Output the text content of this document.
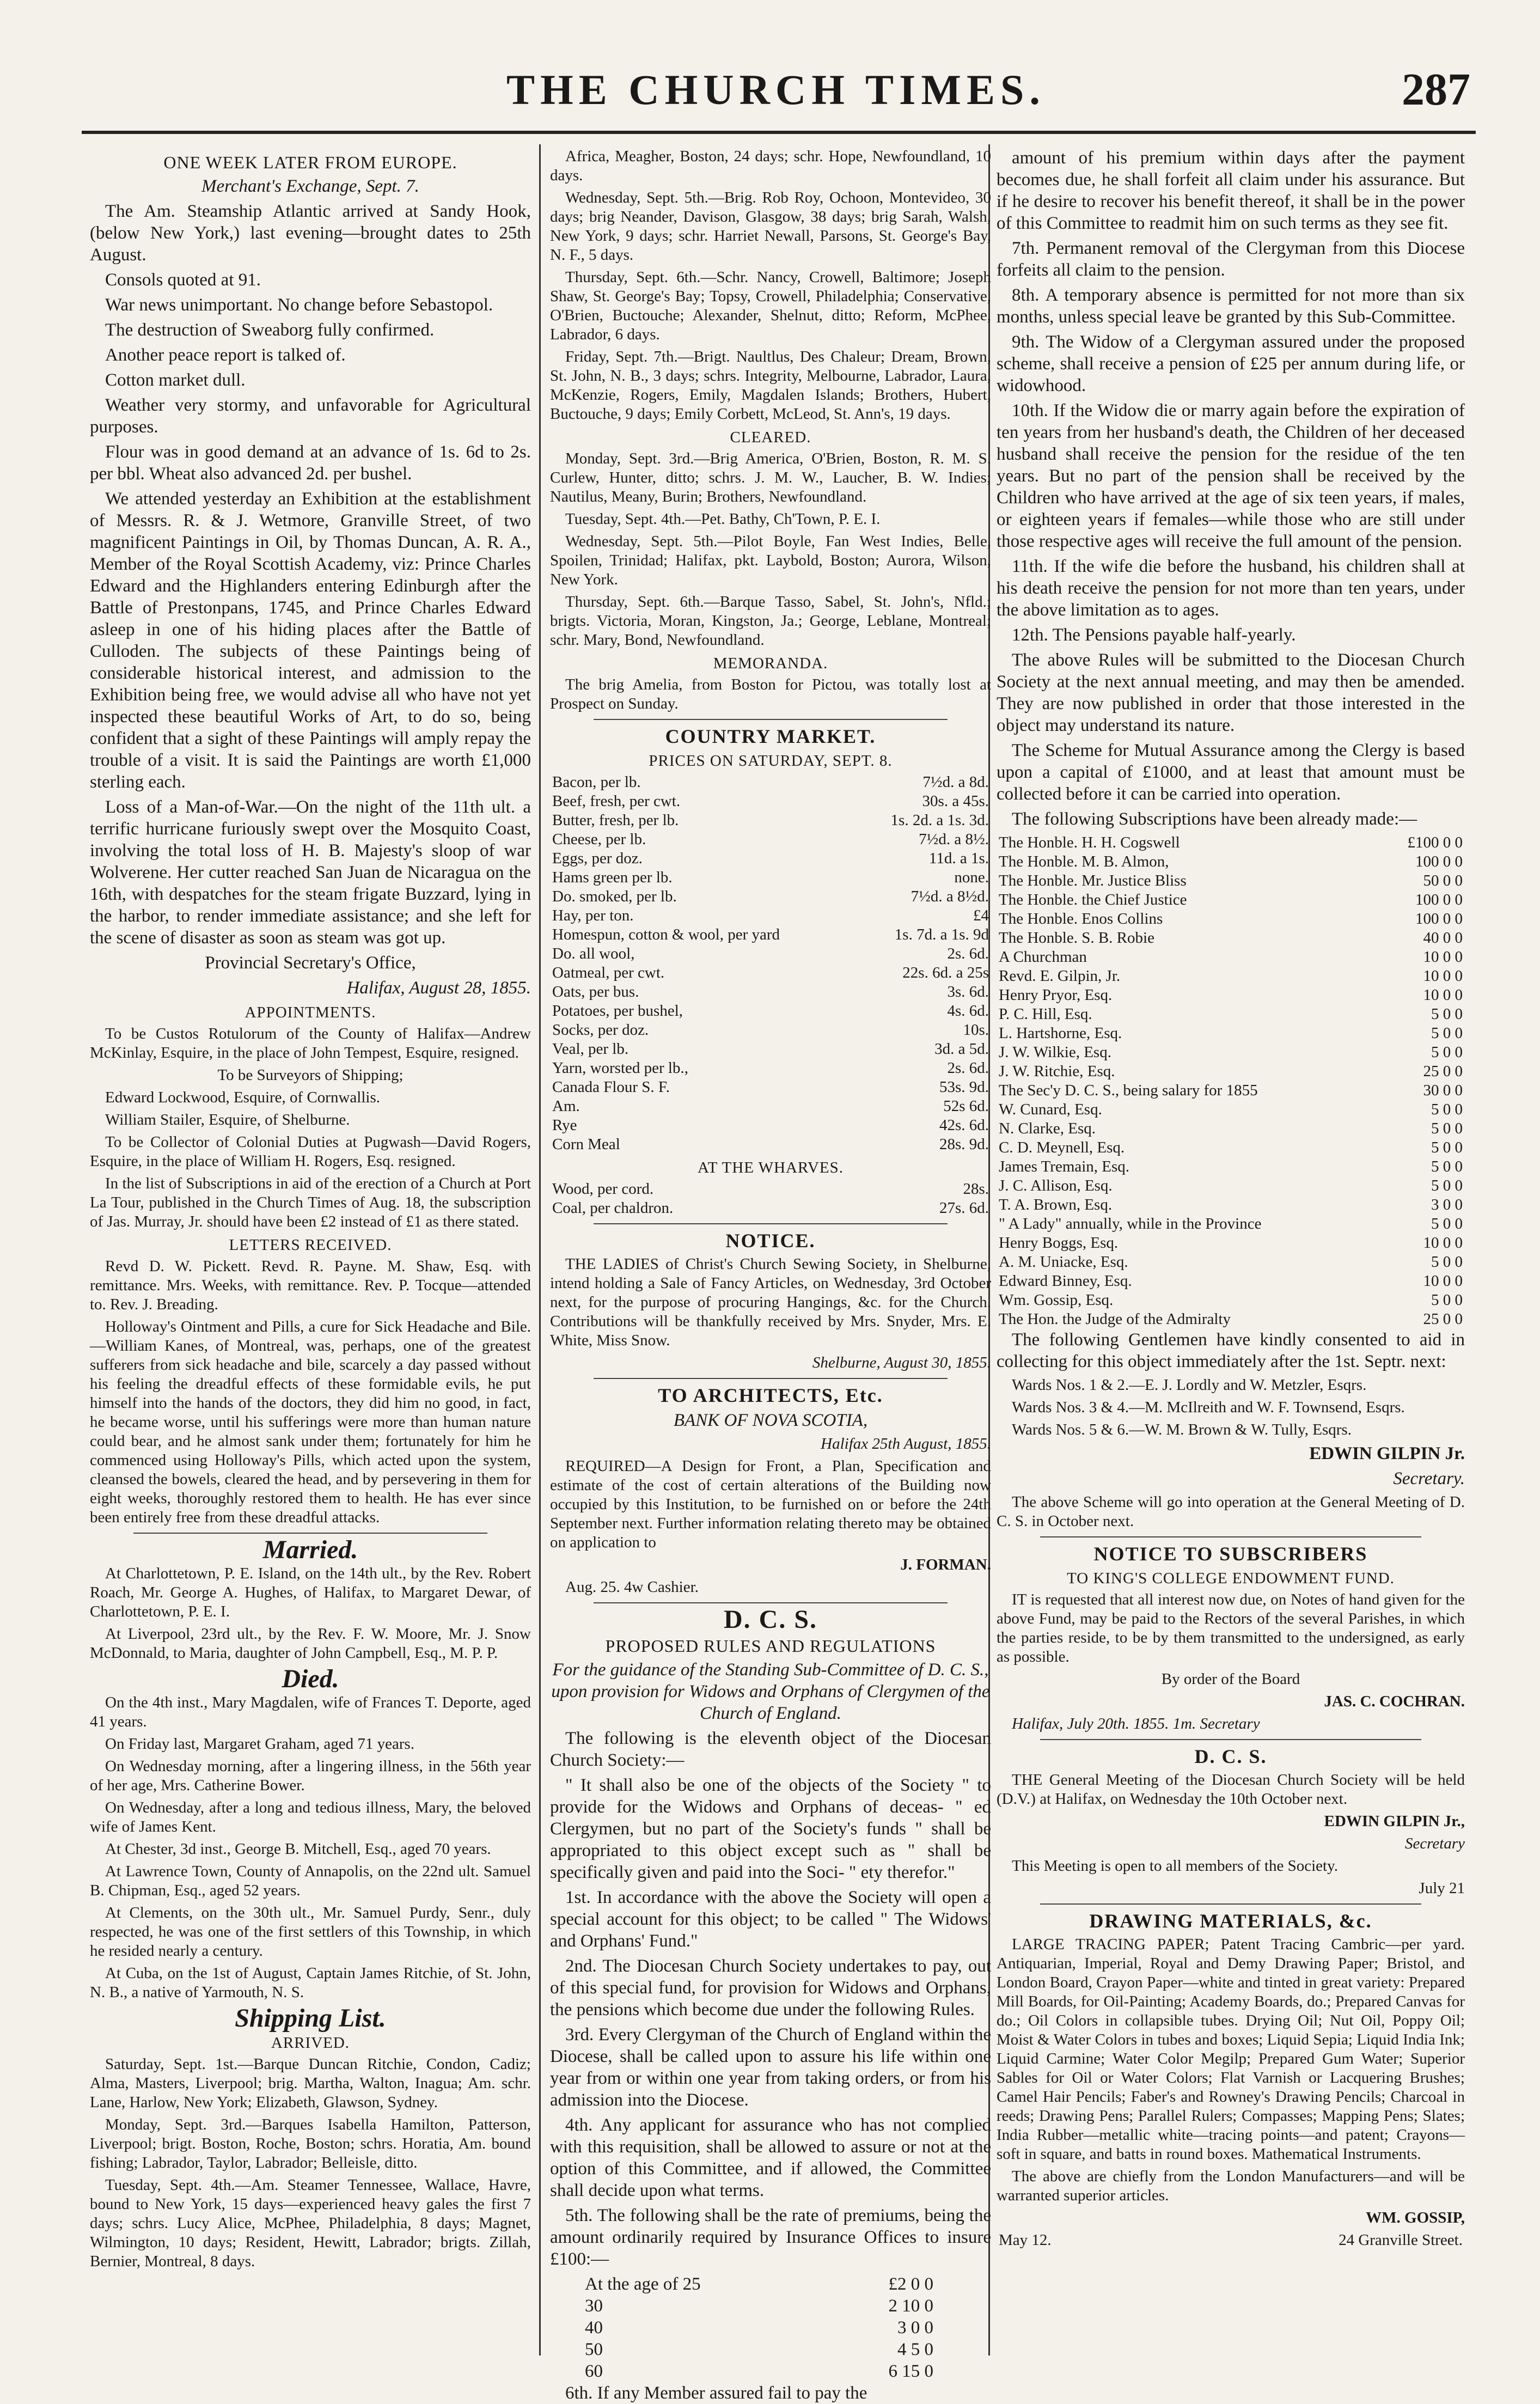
THE CHURCH TIMES.	287
ONE WEEK LATER FROM EUROPE.

Merchant's Exchange, Sept. 7.

The Am. Steamship Atlantic arrived at Sandy Hook, (below New York,) last evening—brought dates to 25th August.

Consols quoted at 91.

War news unimportant. No change before Sebastopol.

The destruction of Sweaborg fully confirmed.

Another peace report is talked of.

Cotton market dull.

Weather very stormy, and unfavorable for Agricultural purposes.

Flour was in good demand at an advance of 1s. 6d to 2s. per bbl. Wheat also advanced 2d. per bushel.

We attended yesterday an Exhibition at the establishment of Messrs. R. & J. Wetmore, Granville Street, of two magnificent Paintings in Oil, by Thomas Duncan, A. R. A., Member of the Royal Scottish Academy, viz: Prince Charles Edward and the Highlanders entering Edinburgh after the Battle of Prestonpans, 1745, and Prince Charles Edward asleep in one of his hiding places after the Battle of Culloden. The subjects of these Paintings being of considerable historical interest, and admission to the Exhibition being free, we would advise all who have not yet inspected these beautiful Works of Art, to do so, being confident that a sight of these Paintings will amply repay the trouble of a visit. It is said the Paintings are worth £1,000 sterling each.

Loss of a Man-of-War.—On the night of the 11th ult. a terrific hurricane furiously swept over the Mosquito Coast, involving the total loss of H. B. Majesty's sloop of war Wolverene. Her cutter reached San Juan de Nicaragua on the 16th, with despatches for the steam frigate Buzzard, lying in the harbor, to render immediate assistance; and she left for the scene of disaster as soon as steam was got up.

Provincial Secretary's Office,

Halifax, August 28, 1855.

APPOINTMENTS.

To be Custos Rotulorum of the County of Halifax—Andrew McKinlay, Esquire, in the place of John Tempest, Esquire, resigned.

To be Surveyors of Shipping;

Edward Lockwood, Esquire, of Cornwallis.

William Stailer, Esquire, of Shelburne.

To be Collector of Colonial Duties at Pugwash—David Rogers, Esquire, in the place of William H. Rogers, Esq. resigned.

In the list of Subscriptions in aid of the erection of a Church at Port La Tour, published in the Church Times of Aug. 18, the subscription of Jas. Murray, Jr. should have been £2 instead of £1 as there stated.

LETTERS RECEIVED.

Revd D. W. Pickett. Revd. R. Payne. M. Shaw, Esq. with remittance. Mrs. Weeks, with remittance. Rev. P. Tocque—attended to. Rev. J. Breading.

Holloway's Ointment and Pills, a cure for Sick Headache and Bile.—William Kanes, of Montreal, was, perhaps, one of the greatest sufferers from sick headache and bile, scarcely a day passed without his feeling the dreadful effects of these formidable evils, he put himself into the hands of the doctors, they did him no good, in fact, he became worse, until his sufferings were more than human nature could bear, and he almost sank under them; fortunately for him he commenced using Holloway's Pills, which acted upon the system, cleansed the bowels, cleared the head, and by persevering in them for eight weeks, thoroughly restored them to health. He has ever since been entirely free from these dreadful attacks.

Married.

At Charlottetown, P. E. Island, on the 14th ult., by the Rev. Robert Roach, Mr. George A. Hughes, of Halifax, to Margaret Dewar, of Charlottetown, P. E. I.

At Liverpool, 23rd ult., by the Rev. F. W. Moore, Mr. J. Snow McDonnald, to Maria, daughter of John Campbell, Esq., M. P. P.

Died.

On the 4th inst., Mary Magdalen, wife of Frances T. Deporte, aged 41 years.

On Friday last, Margaret Graham, aged 71 years.

On Wednesday morning, after a lingering illness, in the 56th year of her age, Mrs. Catherine Bower.

On Wednesday, after a long and tedious illness, Mary, the beloved wife of James Kent.

At Chester, 3d inst., George B. Mitchell, Esq., aged 70 years.

At Lawrence Town, County of Annapolis, on the 22nd ult. Samuel B. Chipman, Esq., aged 52 years.

At Clements, on the 30th ult., Mr. Samuel Purdy, Senr., duly respected, he was one of the first settlers of this Township, in which he resided nearly a century.

At Cuba, on the 1st of August, Captain James Ritchie, of St. John, N. B., a native of Yarmouth, N. S.

Shipping List.
ARRIVED.

Saturday, Sept. 1st.—Barque Duncan Ritchie, Condon, Cadiz; Alma, Masters, Liverpool; brig. Martha, Walton, Inagua; Am. schr. Lane, Harlow, New York; Elizabeth, Glawson, Sydney.

Monday, Sept. 3rd.—Barques Isabella Hamilton, Patterson, Liverpool; brigt. Boston, Roche, Boston; schrs. Horatia, Am. bound fishing; Labrador, Taylor, Labrador; Belleisle, ditto.

Tuesday, Sept. 4th.—Am. Steamer Tennessee, Wallace, Havre, bound to New York, 15 days—experienced heavy gales the first 7 days; schrs. Lucy Alice, McPhee, Philadelphia, 8 days; Magnet, Wilmington, 10 days; Resident, Hewitt, Labrador; brigts. Zillah, Bernier, Montreal, 8 days.

Africa, Meagher, Boston, 24 days; schr. Hope, Newfoundland, 10 days.

Wednesday, Sept. 5th.—Brig. Rob Roy, Ochoon, Montevideo, 30 days; brig Neander, Davison, Glasgow, 38 days; brig Sarah, Walsh, New York, 9 days; schr. Harriet Newall, Parsons, St. George's Bay, N. F., 5 days.

Thursday, Sept. 6th.—Schr. Nancy, Crowell, Baltimore; Joseph Shaw, St. George's Bay; Topsy, Crowell, Philadelphia; Conservative, O'Brien, Buctouche; Alexander, Shelnut, ditto; Reform, McPhee, Labrador, 6 days.

Friday, Sept. 7th.—Brigt. Naultlus, Des Chaleur; Dream, Brown, St. John, N. B., 3 days; schrs. Integrity, Melbourne, Labrador, Laura, McKenzie, Rogers, Emily, Magdalen Islands; Brothers, Hubert, Buctouche, 9 days; Emily Corbett, McLeod, St. Ann's, 19 days.

CLEARED.

Monday, Sept. 3rd.—Brig America, O'Brien, Boston, R. M. S. Curlew, Hunter, ditto; schrs. J. M. W., Laucher, B. W. Indies; Nautilus, Meany, Burin; Brothers, Newfoundland.

Tuesday, Sept. 4th.—Pet. Bathy, Ch'Town, P. E. I.

Wednesday, Sept. 5th.—Pilot Boyle, Fan West Indies, Belle, Spoilen, Trinidad; Halifax, pkt. Laybold, Boston; Aurora, Wilson, New York.

Thursday, Sept. 6th.—Barque Tasso, Sabel, St. John's, Nfld.; brigts. Victoria, Moran, Kingston, Ja.; George, Leblane, Montreal; schr. Mary, Bond, Newfoundland.

MEMORANDA.

The brig Amelia, from Boston for Pictou, was totally lost at Prospect on Sunday.

COUNTRY MARKET.
PRICES ON SATURDAY, SEPT. 8.
Bacon, per lb.	7½d. a 8d.
Beef, fresh, per cwt.	30s. a 45s.
Butter, fresh, per lb.	1s. 2d. a 1s. 3d.
Cheese, per lb.	7½d. a 8½.
Eggs, per doz.	11d. a 1s.
Hams green per lb.	none.
Do. smoked, per lb.	7½d. a 8½d.
Hay, per ton.	£4
Homespun, cotton & wool, per yard	1s. 7d. a 1s. 9d
Do. all wool,	2s. 6d.
Oatmeal, per cwt.	22s. 6d. a 25s
Oats, per bus.	3s. 6d.
Potatoes, per bushel,	4s. 6d.
Socks, per doz.	10s.
Veal, per lb.	3d. a 5d.
Yarn, worsted per lb.,	2s. 6d.
Canada Flour S. F.	53s. 9d.
Am.	52s 6d.
Rye	42s. 6d.
Corn Meal	28s. 9d.
AT THE WHARVES.
Wood, per cord.	28s.
Coal, per chaldron.	27s. 6d.
NOTICE.

THE LADIES of Christ's Church Sewing Society, in Shelburne, intend holding a Sale of Fancy Articles, on Wednesday, 3rd October next, for the purpose of procuring Hangings, &c. for the Church. Contributions will be thankfully received by Mrs. Snyder, Mrs. E. White, Miss Snow.

Shelburne, August 30, 1855.

TO ARCHITECTS, Etc.

BANK OF NOVA SCOTIA,

Halifax 25th August, 1855.

REQUIRED—A Design for Front, a Plan, Specification and estimate of the cost of certain alterations of the Building now occupied by this Institution, to be furnished on or before the 24th September next. Further information relating thereto may be obtained on application to

J. FORMAN.

Aug. 25. 4w Cashier.

D. C. S.
PROPOSED RULES AND REGULATIONS

For the guidance of the Standing Sub-Committee of D. C. S., upon provision for Widows and Orphans of Clergymen of the Church of England.

The following is the eleventh object of the Diocesan Church Society:—

" It shall also be one of the objects of the Society " to provide for the Widows and Orphans of deceas- " ed Clergymen, but no part of the Society's funds " shall be appropriated to this object except such as " shall be specifically given and paid into the Soci- " ety therefor."

1st. In accordance with the above the Society will open a special account for this object; to be called " The Widows' and Orphans' Fund."

2nd. The Diocesan Church Society undertakes to pay, out of this special fund, for provision for Widows and Orphans, the pensions which become due under the following Rules.

3rd. Every Clergyman of the Church of England within the Diocese, shall be called upon to assure his life within one year from or within one year from taking orders, or from his admission into the Diocese.

4th. Any applicant for assurance who has not complied with this requisition, shall be allowed to assure or not at the option of this Committee, and if allowed, the Committee shall decide upon what terms.

5th. The following shall be the rate of premiums, being the amount ordinarily required by Insurance Offices to insure £100:—

At the age of 25	£2 0 0
30	2 10 0
40	3 0 0
50	4 5 0
60	6 15 0

6th. If any Member assured fail to pay the

amount of his premium within days after the payment becomes due, he shall forfeit all claim under his assurance. But if he desire to recover his benefit thereof, it shall be in the power of this Committee to readmit him on such terms as they see fit.

7th. Permanent removal of the Clergyman from this Diocese forfeits all claim to the pension.

8th. A temporary absence is permitted for not more than six months, unless special leave be granted by this Sub-Committee.

9th. The Widow of a Clergyman assured under the proposed scheme, shall receive a pension of £25 per annum during life, or widowhood.

10th. If the Widow die or marry again before the expiration of ten years from her husband's death, the Children of her deceased husband shall receive the pension for the residue of the ten years. But no part of the pension shall be received by the Children who have arrived at the age of six teen years, if males, or eighteen years if females—while those who are still under those respective ages will receive the full amount of the pension.

11th. If the wife die before the husband, his children shall at his death receive the pension for not more than ten years, under the above limitation as to ages.

12th. The Pensions payable half-yearly.

The above Rules will be submitted to the Diocesan Church Society at the next annual meeting, and may then be amended. They are now published in order that those interested in the object may understand its nature.

The Scheme for Mutual Assurance among the Clergy is based upon a capital of £1000, and at least that amount must be collected before it can be carried into operation.

The following Subscriptions have been already made:—

The Honble. H. H. Cogswell	£100 0 0
The Honble. M. B. Almon,	100 0 0
The Honble. Mr. Justice Bliss	50 0 0
The Honble. the Chief Justice	100 0 0
The Honble. Enos Collins	100 0 0
The Honble. S. B. Robie	40 0 0
A Churchman	10 0 0
Revd. E. Gilpin, Jr.	10 0 0
Henry Pryor, Esq.	10 0 0
P. C. Hill, Esq.	5 0 0
L. Hartshorne, Esq.	5 0 0
J. W. Wilkie, Esq.	5 0 0
J. W. Ritchie, Esq.	25 0 0
The Sec'y D. C. S., being salary for 1855	30 0 0
W. Cunard, Esq.	5 0 0
N. Clarke, Esq.	5 0 0
C. D. Meynell, Esq.	5 0 0
James Tremain, Esq.	5 0 0
J. C. Allison, Esq.	5 0 0
T. A. Brown, Esq.	3 0 0
" A Lady" annually, while in the Province	5 0 0
Henry Boggs, Esq.	10 0 0
A. M. Uniacke, Esq.	5 0 0
Edward Binney, Esq.	10 0 0
Wm. Gossip, Esq.	5 0 0
The Hon. the Judge of the Admiralty	25 0 0

The following Gentlemen have kindly consented to aid in collecting for this object immediately after the 1st. Septr. next:

Wards Nos. 1 & 2.—E. J. Lordly and W. Metzler, Esqrs.

Wards Nos. 3 & 4.—M. McIlreith and W. F. Townsend, Esqrs.

Wards Nos. 5 & 6.—W. M. Brown & W. Tully, Esqrs.

EDWIN GILPIN Jr.

Secretary.

The above Scheme will go into operation at the General Meeting of D. C. S. in October next.

NOTICE TO SUBSCRIBERS
TO KING'S COLLEGE ENDOWMENT FUND.

IT is requested that all interest now due, on Notes of hand given for the above Fund, may be paid to the Rectors of the several Parishes, in which the parties reside, to be by them transmitted to the undersigned, as early as possible.

By order of the Board

JAS. C. COCHRAN.

Halifax, July 20th. 1855. 1m. Secretary

D. C. S.

THE General Meeting of the Diocesan Church Society will be held (D.V.) at Halifax, on Wednesday the 10th October next.

EDWIN GILPIN Jr.,

Secretary

This Meeting is open to all members of the Society.

July 21

DRAWING MATERIALS, &c.

LARGE TRACING PAPER; Patent Tracing Cambric—per yard. Antiquarian, Imperial, Royal and Demy Drawing Paper; Bristol, and London Board, Crayon Paper—white and tinted in great variety: Prepared Mill Boards, for Oil-Painting; Academy Boards, do.; Prepared Canvas for do.; Oil Colors in collapsible tubes. Drying Oil; Nut Oil, Poppy Oil; Moist & Water Colors in tubes and boxes; Liquid Sepia; Liquid India Ink; Liquid Carmine; Water Color Megilp; Prepared Gum Water; Superior Sables for Oil or Water Colors; Flat Varnish or Lacquering Brushes; Camel Hair Pencils; Faber's and Rowney's Drawing Pencils; Charcoal in reeds; Drawing Pens; Parallel Rulers; Compasses; Mapping Pens; Slates; India Rubber—metallic white—tracing points—and patent; Crayons—soft in square, and batts in round boxes. Mathematical Instruments.

The above are chiefly from the London Manufacturers—and will be warranted superior articles.

WM. GOSSIP,

May 12.	24 Granville Street.
